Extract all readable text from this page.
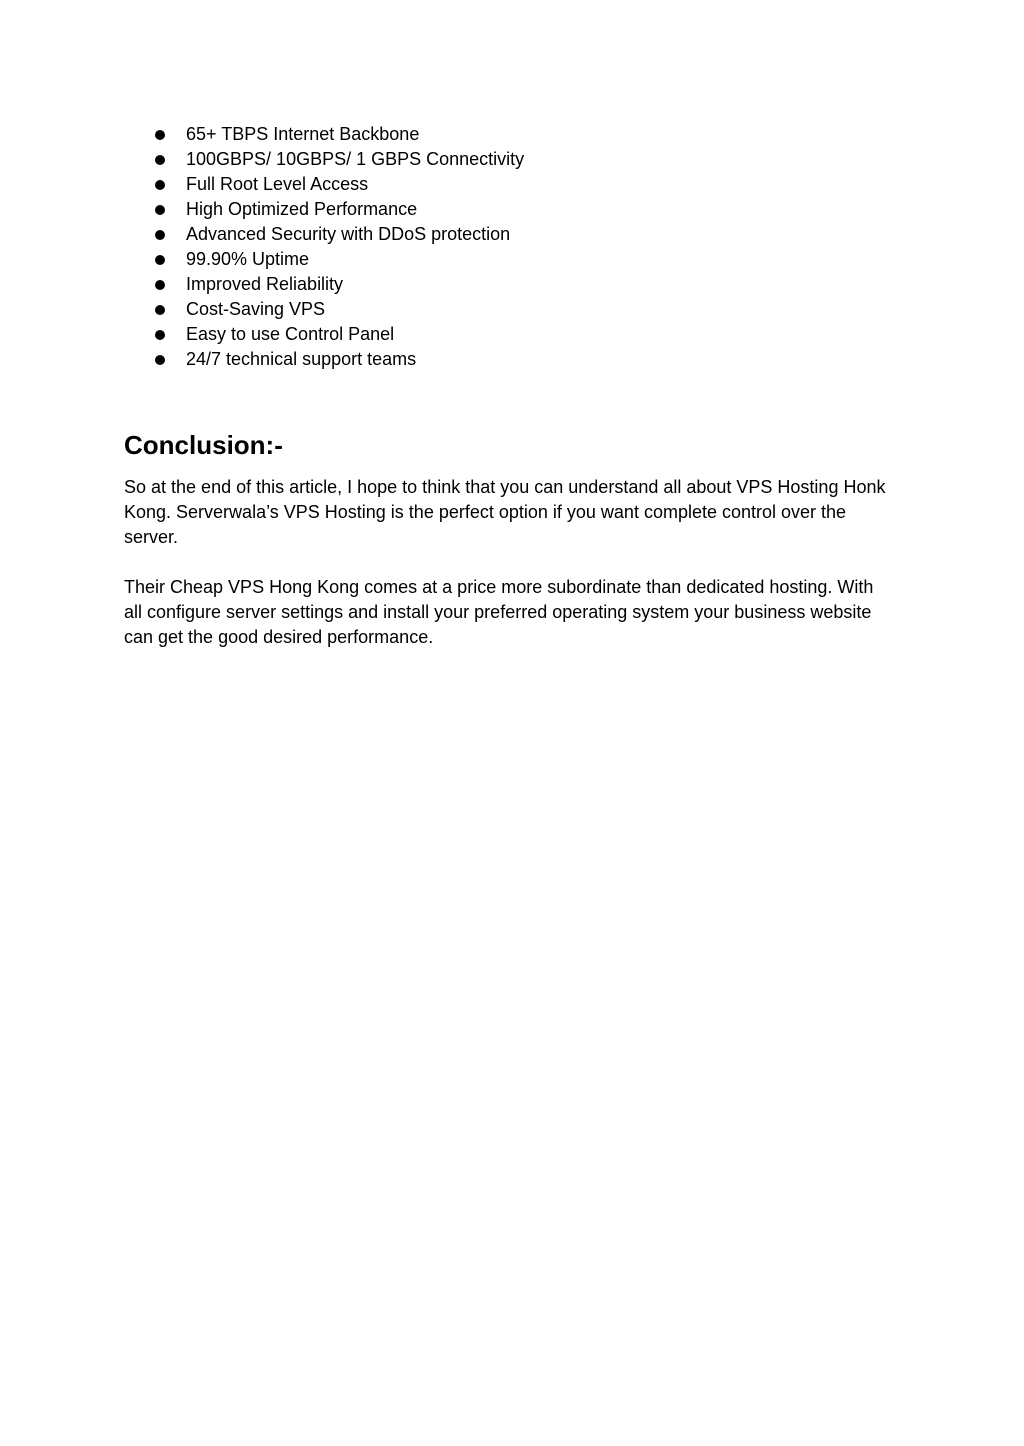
65+ TBPS Internet Backbone
100GBPS/ 10GBPS/ 1 GBPS Connectivity
Full Root Level Access
High Optimized Performance
Advanced Security with DDoS protection
99.90% Uptime
Improved Reliability
Cost-Saving VPS
Easy to use Control Panel
24/7 technical support teams
Conclusion:-

So at the end of this article, I hope to think that you can understand all about VPS Hosting Honk Kong. Serverwala’s VPS Hosting is the perfect option if you want complete control over the server.

Their Cheap VPS Hong Kong comes at a price more subordinate than dedicated hosting. With all configure server settings and install your preferred operating system your business website can get the good desired performance.
